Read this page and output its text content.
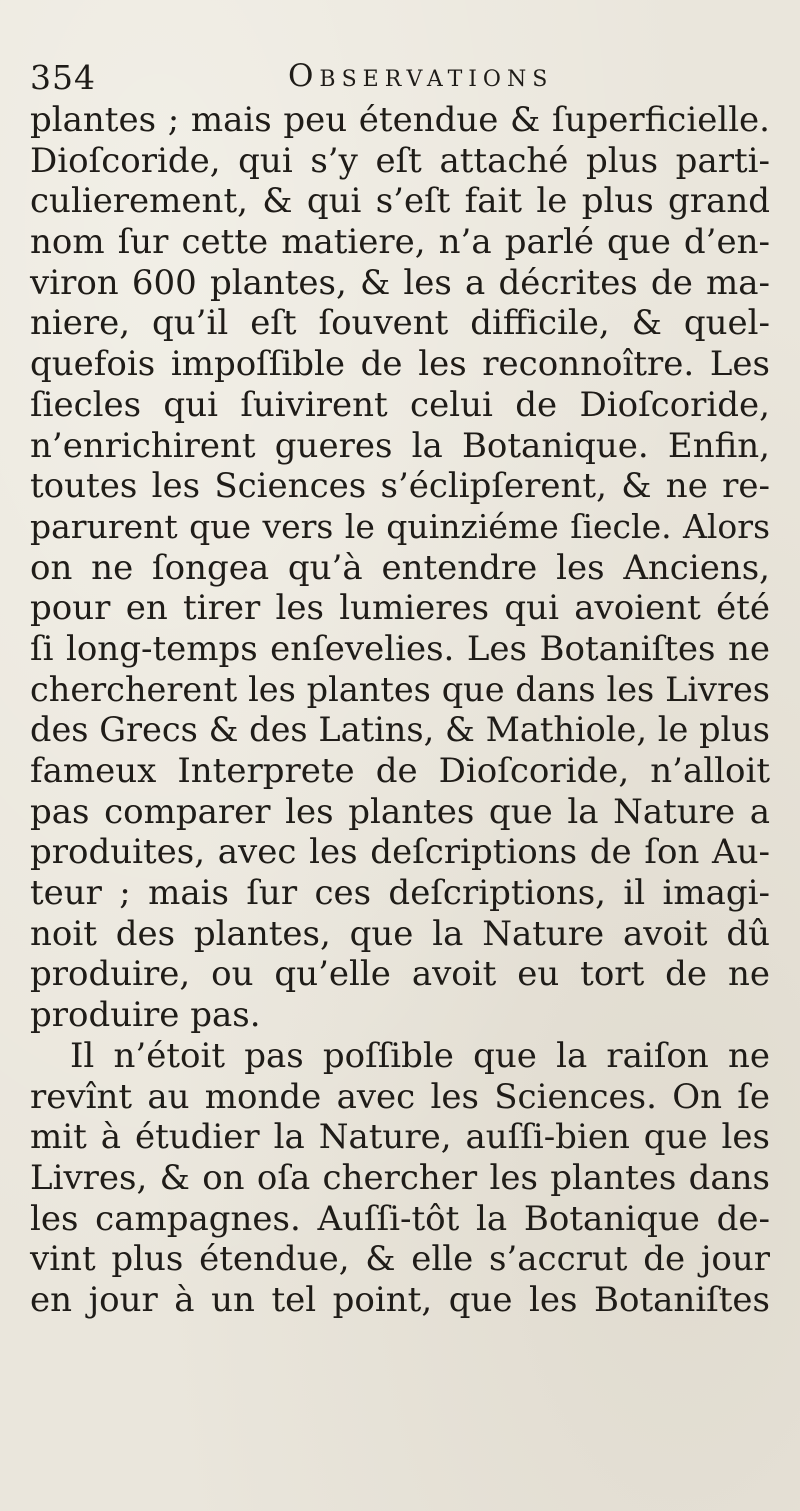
354	Observations
plantes ; mais peu étendue & ſuperficielle.
Dioſcoride, qui s’y eſt attaché plus parti-
culierement, & qui s’eſt fait le plus grand
nom ſur cette matiere, n’a parlé que d’en-
viron 600 plantes, & les a décrites de ma-
niere, qu’il eſt ſouvent difficile, & quel-
quefois impoſſible de les reconnoître. Les
ſiecles qui ſuivirent celui de Dioſcoride,
n’enrichirent gueres la Botanique. Enfin,
toutes les Sciences s’éclipſerent, & ne re-
parurent que vers le quinziéme ſiecle. Alors
on ne ſongea qu’à entendre les Anciens,
pour en tirer les lumieres qui avoient été
ſi long-temps enſevelies. Les Botaniſtes ne
chercherent les plantes que dans les Livres
des Grecs & des Latins, & Mathiole, le plus
fameux Interprete de Dioſcoride, n’alloit
pas comparer les plantes que la Nature a
produites, avec les deſcriptions de ſon Au-
teur ; mais ſur ces deſcriptions, il imagi-
noit des plantes, que la Nature avoit dû
produire, ou qu’elle avoit eu tort de ne
produire pas.
Il n’étoit pas poſſible que la raiſon ne
revînt au monde avec les Sciences. On ſe
mit à étudier la Nature, auſſi-bien que les
Livres, & on oſa chercher les plantes dans
les campagnes. Auſſi-tôt la Botanique de-
vint plus étendue, & elle s’accrut de jour
en jour à un tel point, que les Botaniſtes
